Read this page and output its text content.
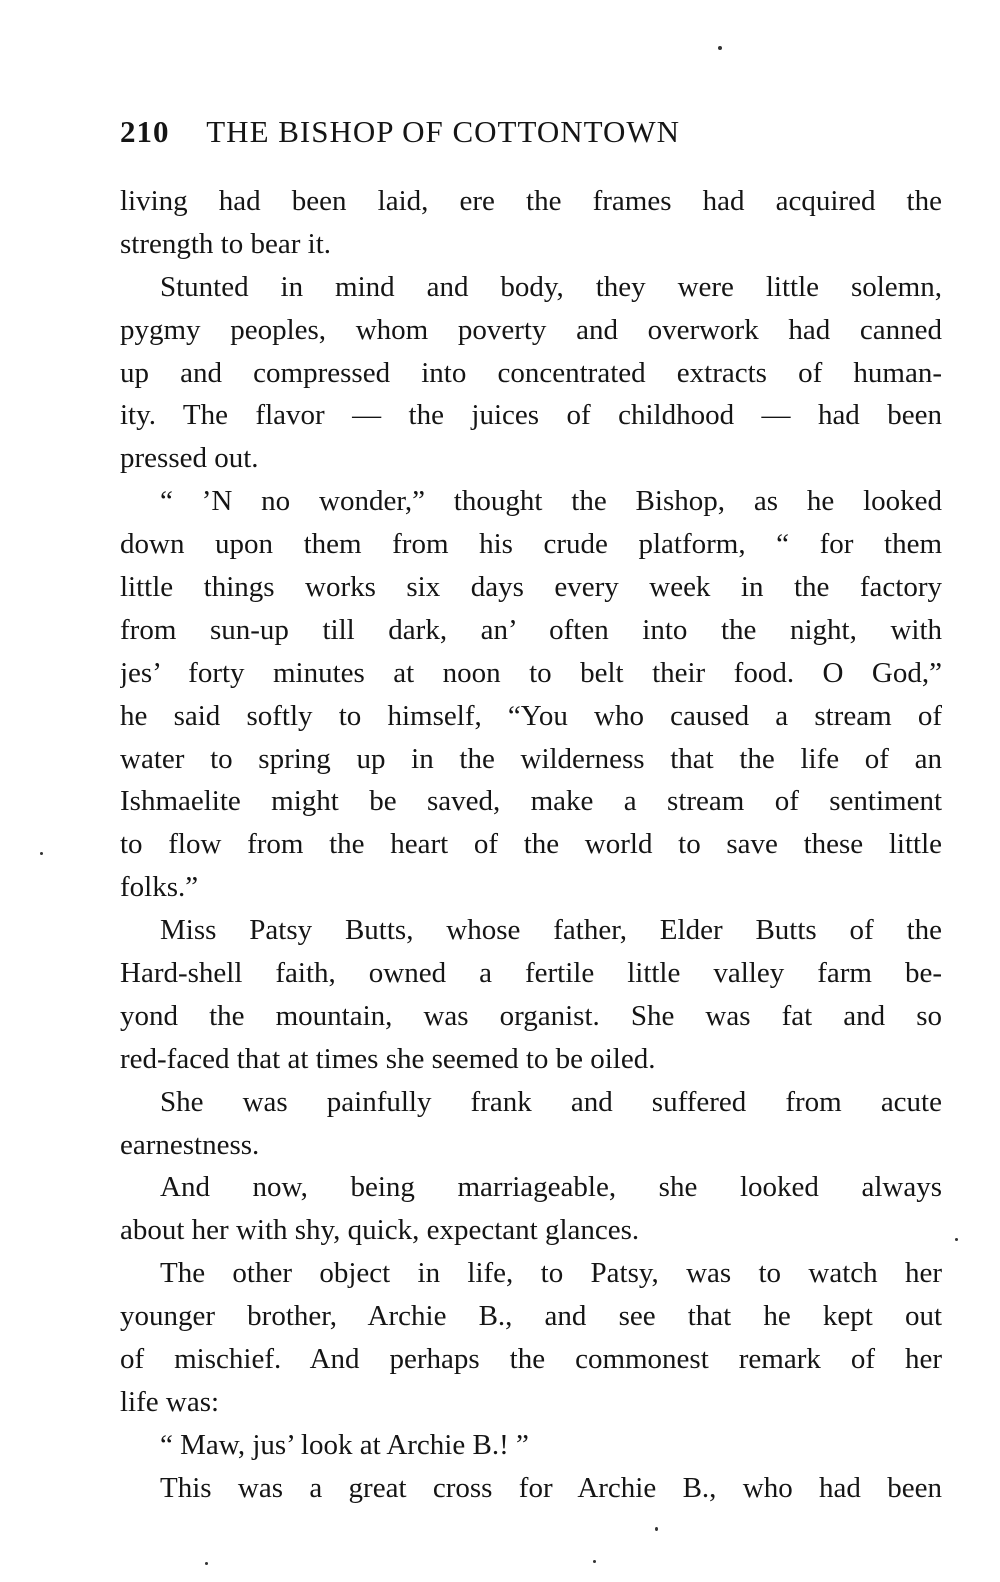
210 THE BISHOP OF COTTONTOWN
living had been laid, ere the frames had acquired the
strength to bear it.
Stunted in mind and body, they were little solemn,
pygmy peoples, whom poverty and overwork had canned
up and compressed into concentrated extracts of human-
ity. The flavor — the juices of childhood — had been
pressed out.
“ ’N no wonder,” thought the Bishop, as he looked
down upon them from his crude platform, “ for them
little things works six days every week in the factory
from sun-up till dark, an’ often into the night, with
jes’ forty minutes at noon to belt their food. O God,”
he said softly to himself, “You who caused a stream of
water to spring up in the wilderness that the life of an
Ishmaelite might be saved, make a stream of sentiment
to flow from the heart of the world to save these little
folks.”
Miss Patsy Butts, whose father, Elder Butts of the
Hard-shell faith, owned a fertile little valley farm be-
yond the mountain, was organist. She was fat and so
red-faced that at times she seemed to be oiled.
She was painfully frank and suffered from acute
earnestness.
And now, being marriageable, she looked always
about her with shy, quick, expectant glances.
The other object in life, to Patsy, was to watch her
younger brother, Archie B., and see that he kept out
of mischief. And perhaps the commonest remark of her
life was:
“ Maw, jus’ look at Archie B.! ”
This was a great cross for Archie B., who had been
